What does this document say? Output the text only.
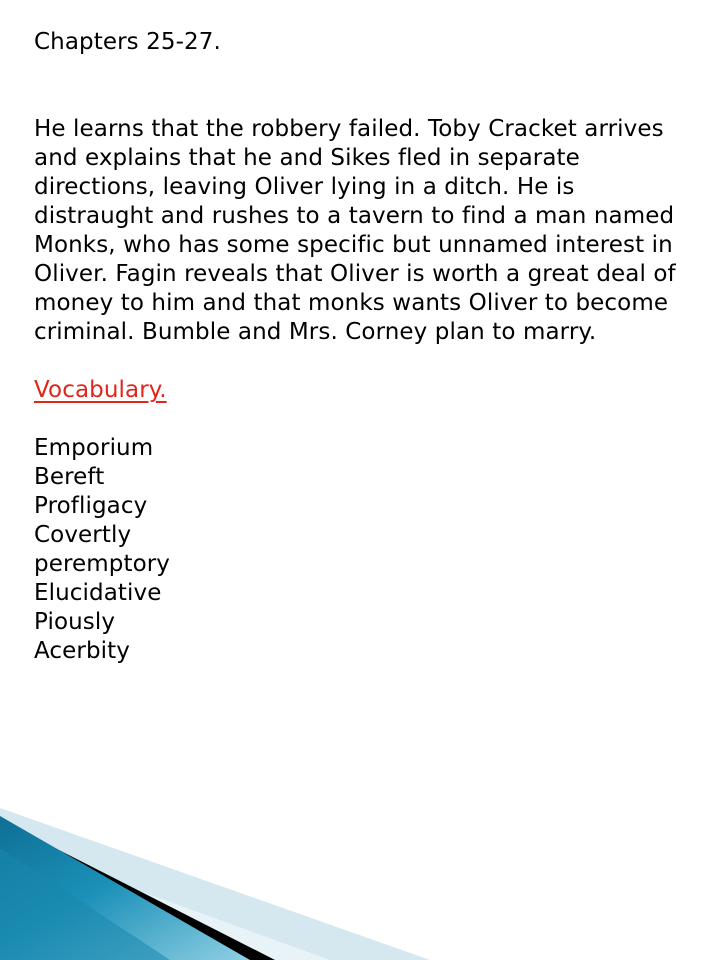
Chapters 25-27.
He learns that the robbery failed. Toby Cracket arrives
and explains that he and Sikes fled in separate
directions, leaving Oliver lying in a ditch. He is
distraught and rushes to a tavern to find a man named
Monks, who has some specific but unnamed interest in
Oliver. Fagin reveals that Oliver is worth a great deal of
money to him and that monks wants Oliver to become
criminal. Bumble and Mrs. Corney plan to marry.
Vocabulary.
Emporium
Bereft
Profligacy
Covertly
peremptory
Elucidative
Piously
Acerbity
